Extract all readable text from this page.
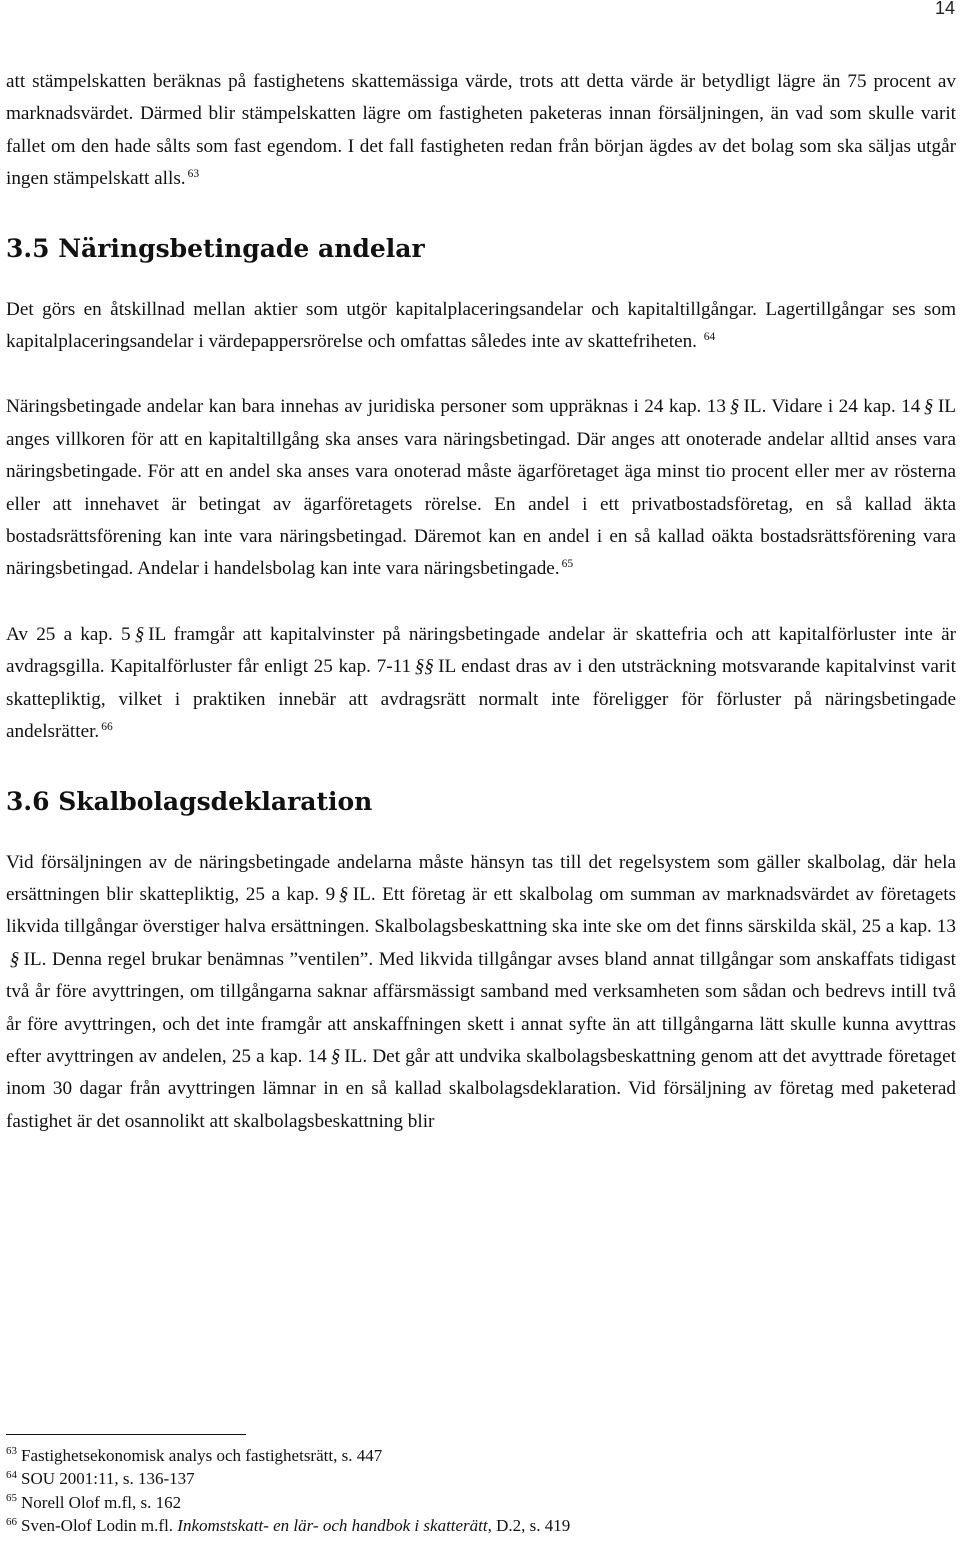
14

att stämpelskatten beräknas på fastighetens skattemässiga värde, trots att detta värde är betydligt lägre än 75 procent av marknadsvärdet. Därmed blir stämpelskatten lägre om fastigheten paketeras innan försäljningen, än vad som skulle varit fallet om den hade sålts som fast egendom. I det fall fastigheten redan från början ägdes av det bolag som ska säljas utgår ingen stämpelskatt alls. $^{63}$

3.5 Näringsbetingade andelar

Det görs en åtskillnad mellan aktier som utgör kapitalplaceringsandelar och kapitaltillgångar. Lagertillgångar ses som kapitalplaceringsandelar i värdepappersrörelse och omfattas således inte av skattefriheten. $^{64}$

Näringsbetingade andelar kan bara innehas av juridiska personer som uppräknas i 24 kap. 13 § IL. Vidare i 24 kap. 14 § IL anges villkoren för att en kapitaltillgång ska anses vara näringsbetingad. Där anges att onoterade andelar alltid anses vara näringsbetingade. För att en andel ska anses vara onoterad måste ägarföretaget äga minst tio procent eller mer av rösterna eller att innehavet är betingat av ägarföretagets rörelse. En andel i ett privatbostadsföretag, en så kallad äkta bostadsrättsförening kan inte vara näringsbetingad. Däremot kan en andel i en så kallad oäkta bostadsrättsförening vara näringsbetingad. Andelar i handelsbolag kan inte vara näringsbetingade. $^{65}$

Av 25 a kap. 5 § IL framgår att kapitalvinster på näringsbetingade andelar är skattefria och att kapitalförluster inte är avdragsgilla. Kapitalförluster får enligt 25 kap. 7-11 §§ IL endast dras av i den utsträckning motsvarande kapitalvinst varit skattepliktig, vilket i praktiken innebär att avdragsrätt normalt inte föreligger för förluster på näringsbetingade andelsrätter. $^{66}$

3.6 Skalbolagsdeklaration

Vid försäljningen av de näringsbetingade andelarna måste hänsyn tas till det regelsystem som gäller skalbolag, där hela ersättningen blir skattepliktig, 25 a kap. 9 § IL. Ett företag är ett skalbolag om summan av marknadsvärdet av företagets likvida tillgångar överstiger halva ersättningen. Skalbolagsbeskattning ska inte ske om det finns särskilda skäl, 25 a kap. 13§ IL. Denna regel brukar benämnas ”ventilen”. Med likvida tillgångar avses bland annat tillgångar som anskaffats tidigast två år före avyttringen, om tillgångarna saknar affärsmässigt samband med verksamheten som sådan och bedrevs intill två år före avyttringen, och det inte framgår att anskaffningen skett i annat syfte än att tillgångarna lätt skulle kunna avyttras efter avyttringen av andelen, 25 a kap. 14 § IL. Det går att undvika skalbolagsbeskattning genom att det avyttrade företaget inom 30 dagar från avyttringen lämnar in en så kallad skalbolagsdeklaration. Vid försäljning av företag med paketerad fastighet är det osannolikt att skalbolagsbeskattning blir

$^{63}$ Fastighetsekonomisk analys och fastighetsrätt, s. 447

$^{64}$ SOU 2001:11, s. 136-137

$^{65}$ Norell Olof m.fl, s. 162

$^{66}$ Sven-Olof Lodin m.fl. Inkomstskatt- en lär- och handbok i skatterätt, D.2, s. 419
